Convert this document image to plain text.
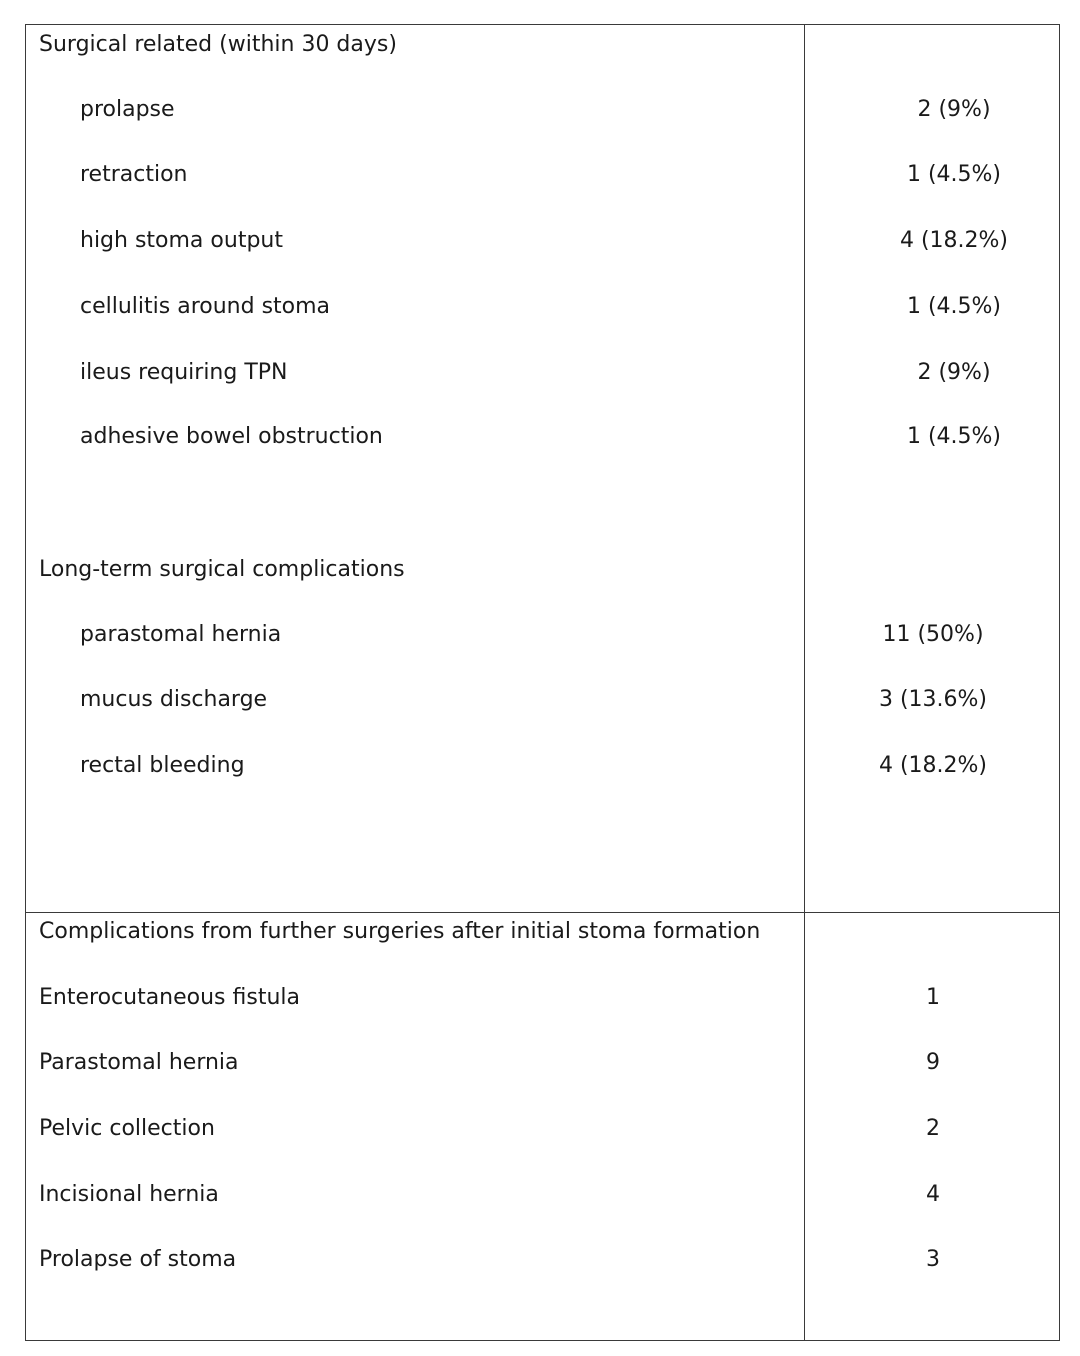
Surgical related (within 30 days)
prolapse	2 (9%)
retraction	1 (4.5%)
high stoma output	4 (18.2%)
cellulitis around stoma	1 (4.5%)
ileus requiring TPN	2 (9%)
adhesive bowel obstruction	1 (4.5%)
Long-term surgical complications
parastomal hernia	11 (50%)
mucus discharge	3 (13.6%)
rectal bleeding	4 (18.2%)
Complications from further surgeries after initial stoma formation
Enterocutaneous fistula	1
Parastomal hernia	9
Pelvic collection	2
Incisional hernia	4
Prolapse of stoma	3
